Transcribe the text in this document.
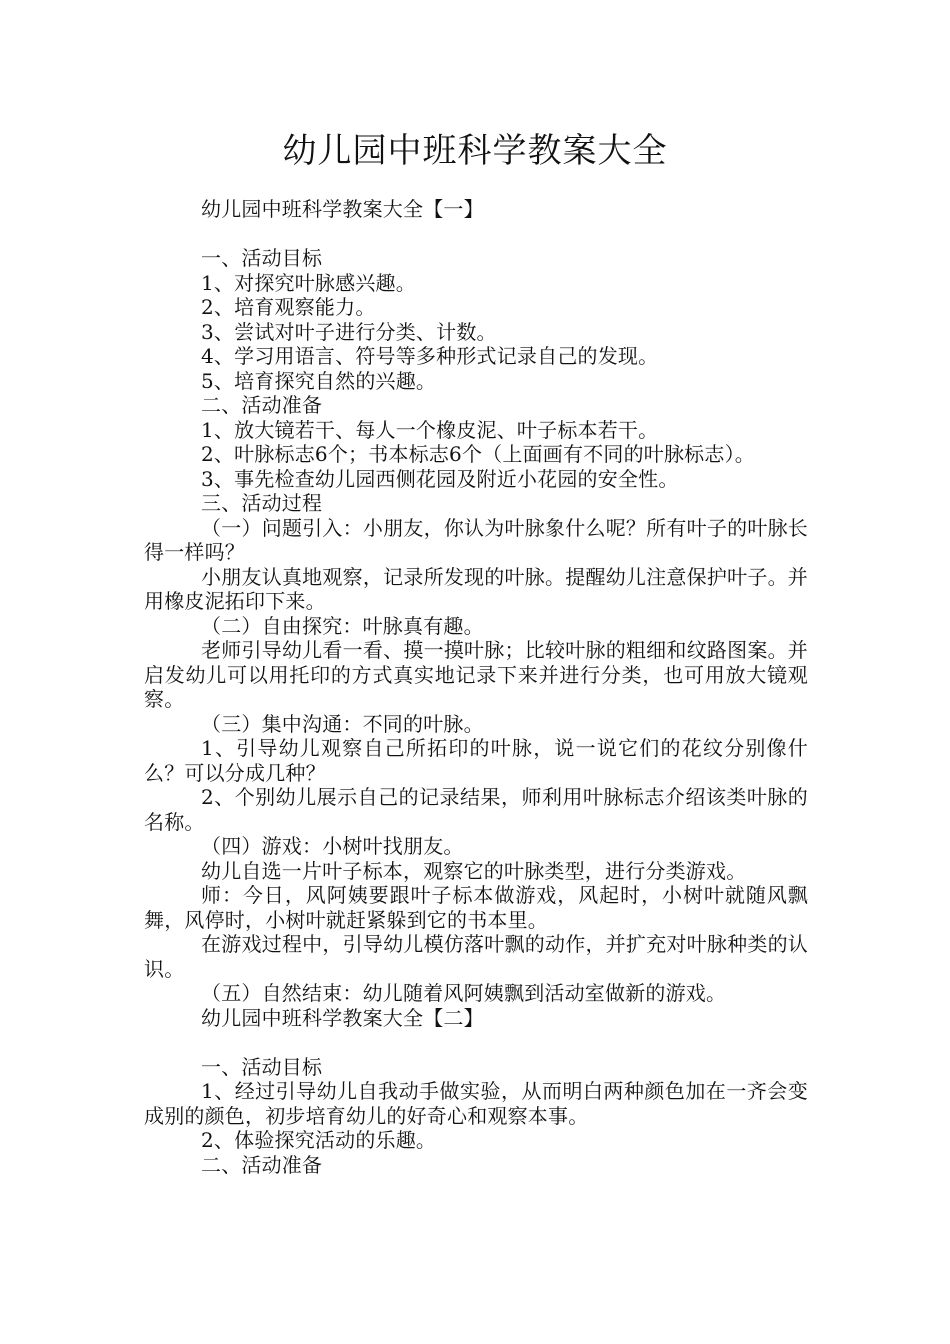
幼儿园中班科学教案大全

幼儿园中班科学教案大全【一】

一、活动目标

1、对探究叶脉感兴趣。

2、培育观察能力。

3、尝试对叶子进行分类、计数。

4、学习用语言、符号等多种形式记录自己的发现。

5、培育探究自然的兴趣。

二、活动准备

1、放大镜若干、每人一个橡皮泥、叶子标本若干。

2、叶脉标志6个；书本标志6个（上面画有不同的叶脉标志）。

3、事先检查幼儿园西侧花园及附近小花园的安全性。

三、活动过程

（一）问题引入：小朋友，你认为叶脉象什么呢？所有叶子的叶脉长得一样吗？

小朋友认真地观察，记录所发现的叶脉。提醒幼儿注意保护叶子。并用橡皮泥拓印下来。

（二）自由探究：叶脉真有趣。

老师引导幼儿看一看、摸一摸叶脉；比较叶脉的粗细和纹路图案。并启发幼儿可以用托印的方式真实地记录下来并进行分类，也可用放大镜观察。

（三）集中沟通：不同的叶脉。

1、引导幼儿观察自己所拓印的叶脉，说一说它们的花纹分别像什么？可以分成几种？

2、个别幼儿展示自己的记录结果，师利用叶脉标志介绍该类叶脉的名称。

（四）游戏：小树叶找朋友。

幼儿自选一片叶子标本，观察它的叶脉类型，进行分类游戏。

师：今日，风阿姨要跟叶子标本做游戏，风起时，小树叶就随风飘舞，风停时，小树叶就赶紧躲到它的书本里。

在游戏过程中，引导幼儿模仿落叶飘的动作，并扩充对叶脉种类的认识。

（五）自然结束：幼儿随着风阿姨飘到活动室做新的游戏。

幼儿园中班科学教案大全【二】

一、活动目标

1、经过引导幼儿自我动手做实验，从而明白两种颜色加在一齐会变成别的颜色，初步培育幼儿的好奇心和观察本事。

2、体验探究活动的乐趣。

二、活动准备
